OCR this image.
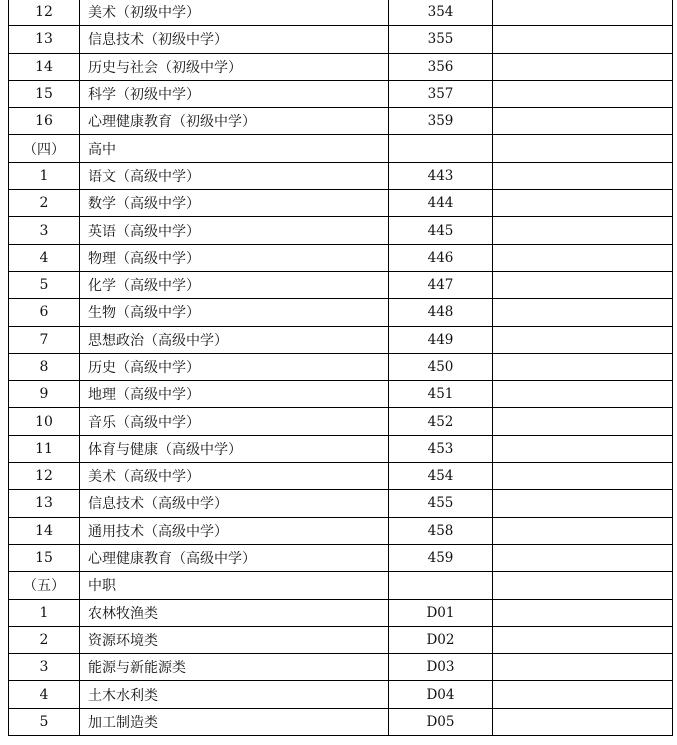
12	美术（初级中学）	354	
13	信息技术（初级中学）	355	
14	历史与社会（初级中学）	356	
15	科学（初级中学）	357	
16	心理健康教育（初级中学）	359	
（四）	高中		
1	语文（高级中学）	443	
2	数学（高级中学）	444	
3	英语（高级中学）	445	
4	物理（高级中学）	446	
5	化学（高级中学）	447	
6	生物（高级中学）	448	
7	思想政治（高级中学）	449	
8	历史（高级中学）	450	
9	地理（高级中学）	451	
10	音乐（高级中学）	452	
11	体育与健康（高级中学）	453	
12	美术（高级中学）	454	
13	信息技术（高级中学）	455	
14	通用技术（高级中学）	458	
15	心理健康教育（高级中学）	459	
（五）	中职		
1	农林牧渔类	D01	
2	资源环境类	D02	
3	能源与新能源类	D03	
4	土木水利类	D04	
5	加工制造类	D05	
